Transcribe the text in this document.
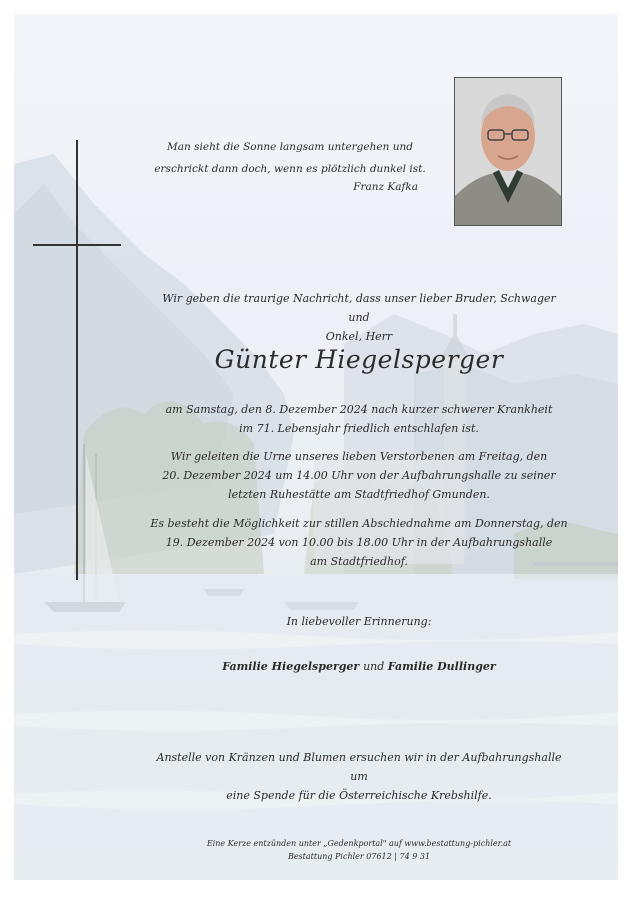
Man sieht die Sonne langsam untergehen und
erschrickt dann doch, wenn es plötzlich dunkel ist.
Franz Kafka
Wir geben die traurige Nachricht, dass unser lieber Bruder, Schwager und
Onkel, Herr
Günter Hiegelsperger
am Samstag, den 8. Dezember 2024 nach kurzer schwerer Krankheit
im 71. Lebensjahr friedlich entschlafen ist.
Wir geleiten die Urne unseres lieben Verstorbenen am Freitag, den
20. Dezember 2024 um 14.00 Uhr von der Aufbahrungshalle zu seiner
letzten Ruhestätte am Stadtfriedhof Gmunden.
Es besteht die Möglichkeit zur stillen Abschiednahme am Donnerstag, den
19. Dezember 2024 von 10.00 bis 18.00 Uhr in der Aufbahrungshalle
am Stadtfriedhof.
In liebevoller Erinnerung:
Familie Hiegelsperger und Familie Dullinger
Anstelle von Kränzen und Blumen ersuchen wir in der Aufbahrungshalle um
eine Spende für die Österreichische Krebshilfe.
Eine Kerze entzünden unter „Gedenkportal" auf www.bestattung-pichler.at
Bestattung Pichler 07612 | 74 9 31
